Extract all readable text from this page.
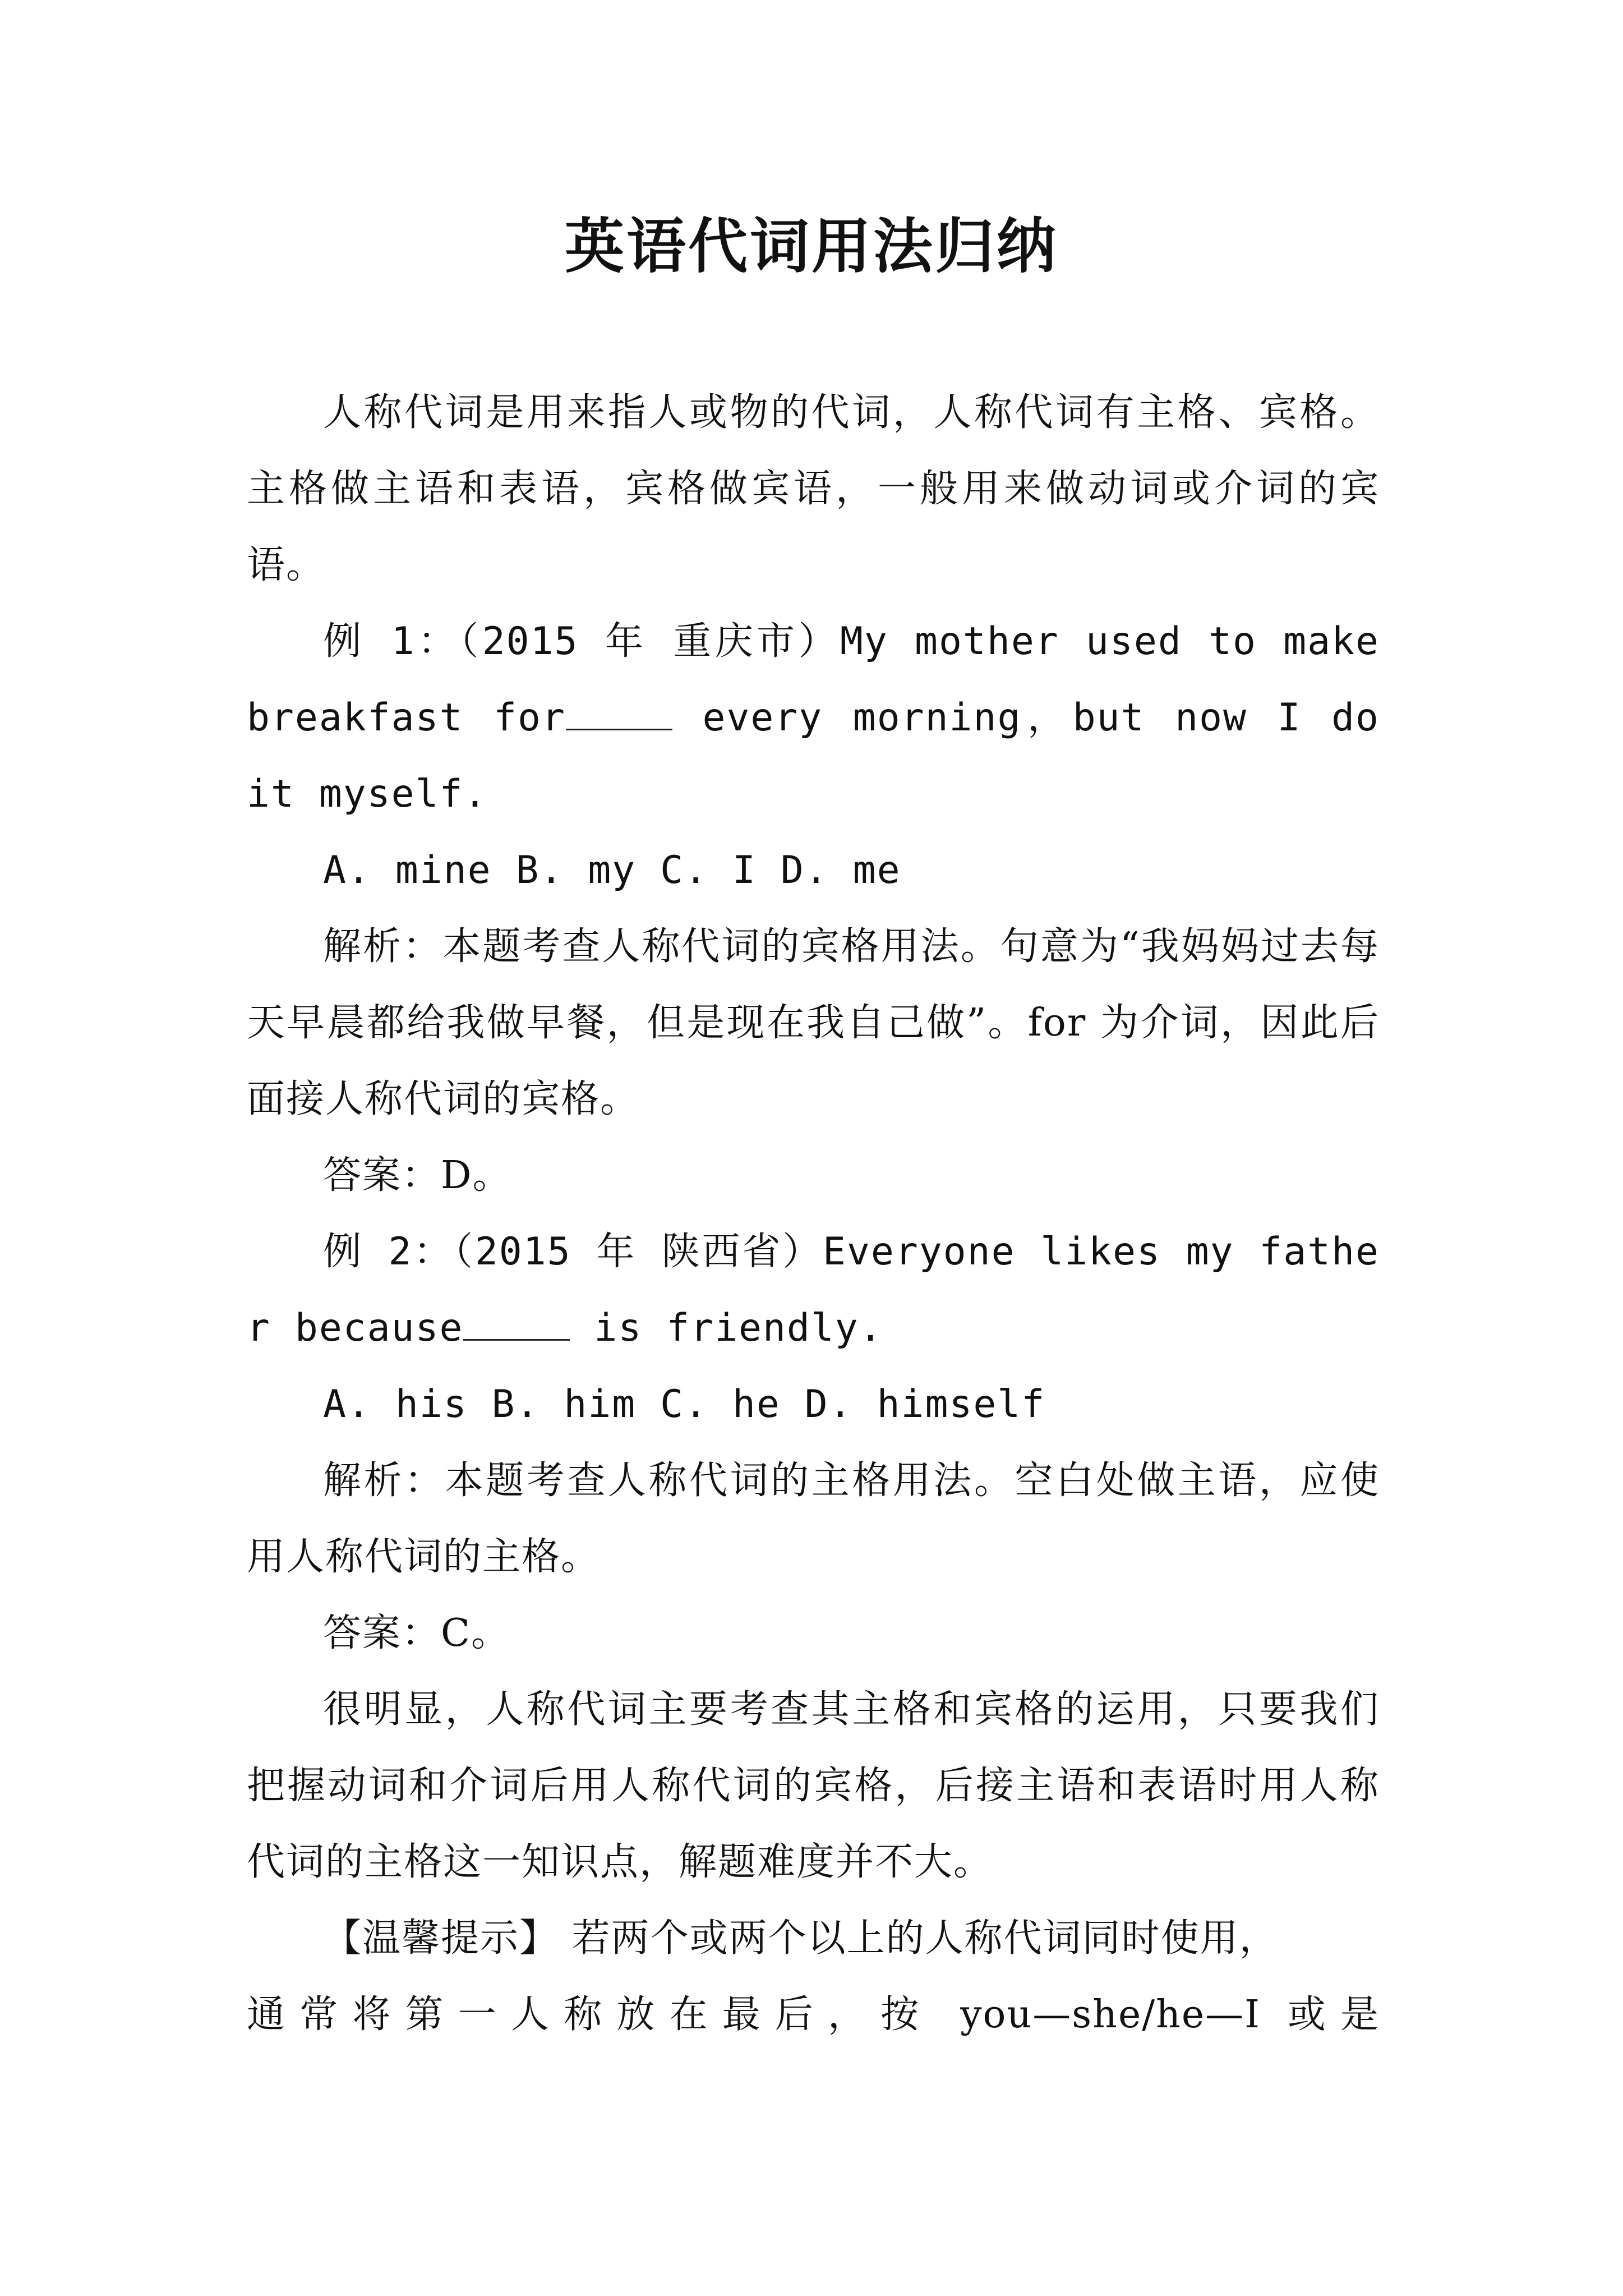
英语代词用法归纳

人称代词是用来指人或物的代词，人称代词有主格、宾格。主格做主语和表语，宾格做宾语，一般用来做动词或介词的宾语。

例 1：（2015 年 重庆市）My mother used to make breakfast for	every morning，but now I do it myself.

A. mine B. my C. I D. me

解析：本题考查人称代词的宾格用法。句意为“我妈妈过去每天早晨都给我做早餐，但是现在我自己做”。for 为介词，因此后面接人称代词的宾格。

答案：D。

例 2：（2015 年 陕西省）Everyone likes my father because	is friendly.

A. his B. him C. he D. himself

解析：本题考查人称代词的主格用法。空白处做主语，应使用人称代词的主格。

答案：C。

很明显，人称代词主要考查其主格和宾格的运用，只要我们把握动词和介词后用人称代词的宾格，后接主语和表语时用人称代词的主格这一知识点，解题难度并不大。

【温馨提示】 若两个或两个以上的人称代词同时使用，

通常将第一人称放在最后，按 you—she/he—I 或是
